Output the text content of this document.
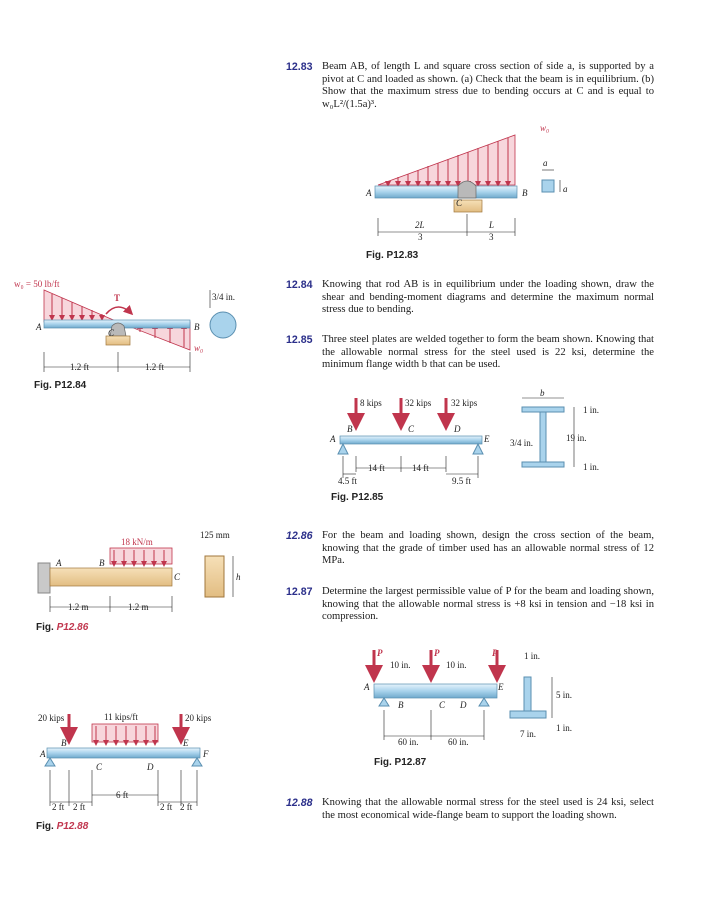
12.83 Beam AB, of length L and square cross section of side a, is supported by a pivot at C and loaded as shown. (a) Check that the beam is in equilibrium. (b) Show that the maximum stress due to bending occurs at C and is equal to w₀L²/(1.5a)³.
12.84 Knowing that rod AB is in equilibrium under the loading shown, draw the shear and bending-moment diagrams and determine the maximum normal stress due to bending.
12.85 Three steel plates are welded together to form the beam shown. Knowing that the allowable normal stress for the steel used is 22 ksi, determine the minimum flange width b that can be used.
12.86 For the beam and loading shown, design the cross section of the beam, knowing that the grade of timber used has an allowable normal stress of 12 MPa.
12.87 Determine the largest permissible value of P for the beam and loading shown, knowing that the allowable normal stress is +8 ksi in tension and −18 ksi in compression.
12.88 Knowing that the allowable normal stress for the steel used is 24 ksi, select the most economical wide-flange beam to support the loading shown.
w₀
A	B
C
a
a
2L
3
L
3
Fig. P12.83
w₀ = 50 lb/ft
T
A	B
C
w₀
3/4 in.
1.2 ft	1.2 ft
Fig. P12.84
8 kips	32 kips 32 kips
A
B	C	D
E
14 ft	14 ft
4.5 ft	9.5 ft
b
1 in.
19 in.
1 in.
3/4 in.
Fig. P12.85
18 kN/m
A	B
C
125 mm
h
1.2 m	1.2 m
Fig. P12.86
P	P	P
10 in.	10 in.
A
B	C D
E
60 in.	60 in.
1 in.
5 in.
7 in.
1 in.
Fig. P12.87
20 kips	20 kips
11 kips/ft
A
B
C	D
E
F
2 ft 2 ft
6 ft
2 ft 2 ft
Fig. P12.88
